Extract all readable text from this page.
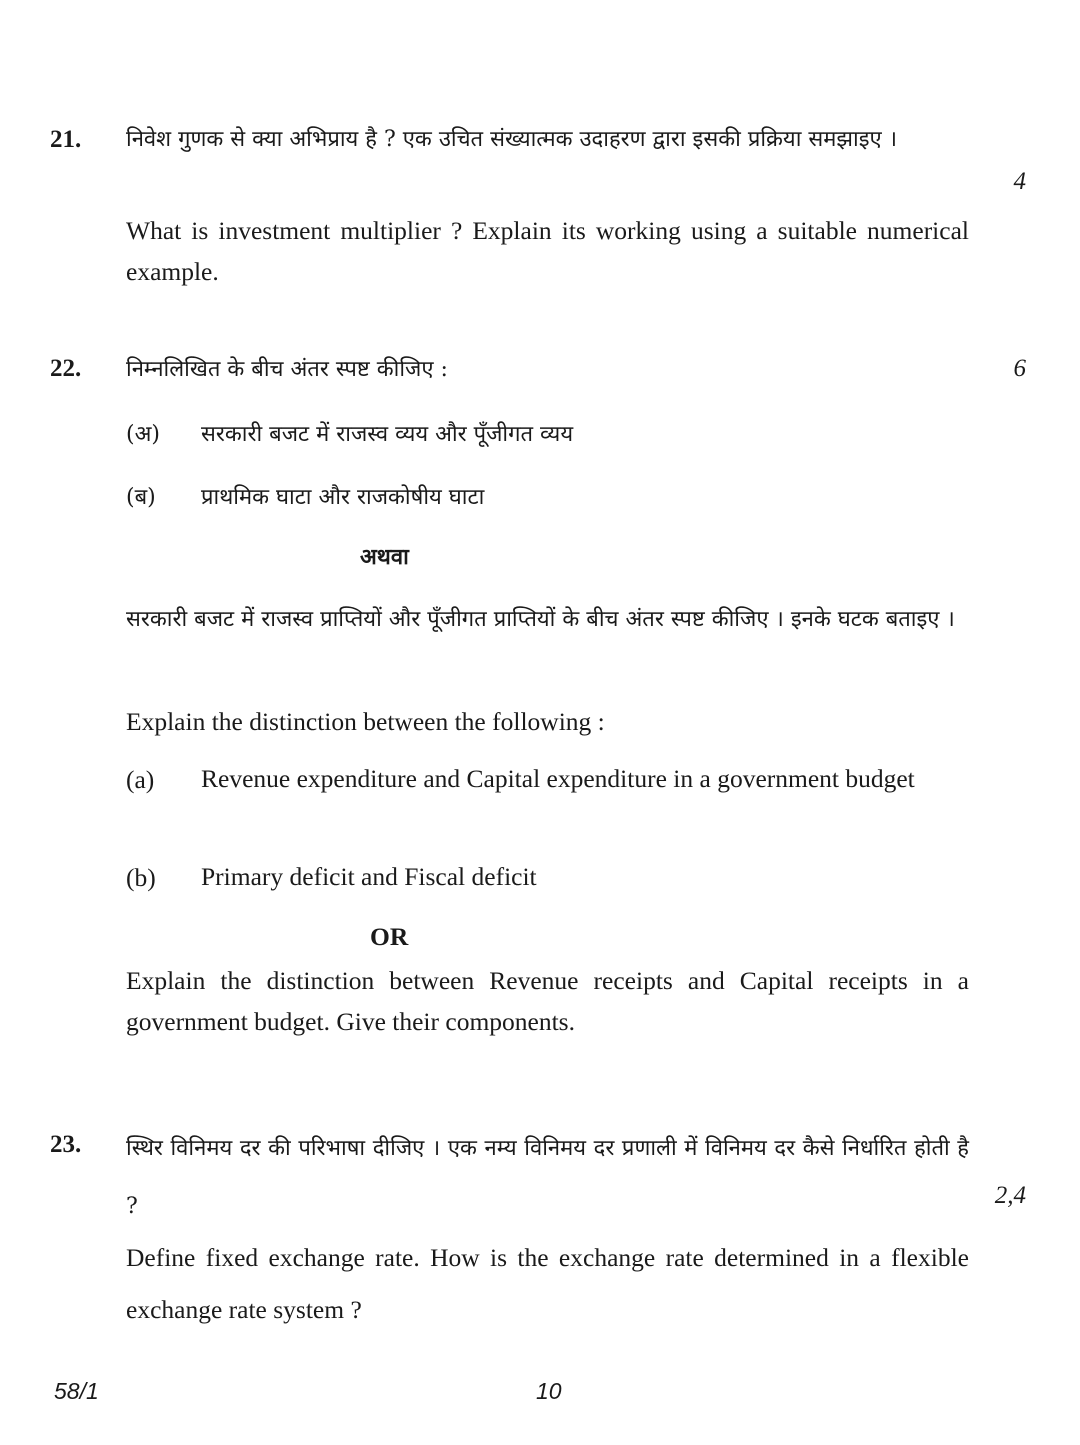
21. निवेश गुणक से क्या अभिप्राय है ? एक उचित संख्यात्मक उदाहरण द्वारा इसकी प्रक्रिया समझाइए ।
4
What is investment multiplier ? Explain its working using a suitable numerical example.
22. निम्नलिखित के बीच अंतर स्पष्ट कीजिए :	6
(अ) सरकारी बजट में राजस्व व्यय और पूँजीगत व्यय
(ब) प्राथमिक घाटा और राजकोषीय घाटा
अथवा
सरकारी बजट में राजस्व प्राप्तियों और पूँजीगत प्राप्तियों के बीच अंतर स्पष्ट कीजिए । इनके घटक बताइए ।
Explain the distinction between the following :
(a) Revenue expenditure and Capital expenditure in a government budget
(b) Primary deficit and Fiscal deficit
OR
Explain the distinction between Revenue receipts and Capital receipts in a government budget. Give their components.
23. स्थिर विनिमय दर की परिभाषा दीजिए । एक नम्य विनिमय दर प्रणाली में विनिमय दर कैसे निर्धारित होती है ?	2,4
Define fixed exchange rate. How is the exchange rate determined in a flexible exchange rate system ?
58/1	10
